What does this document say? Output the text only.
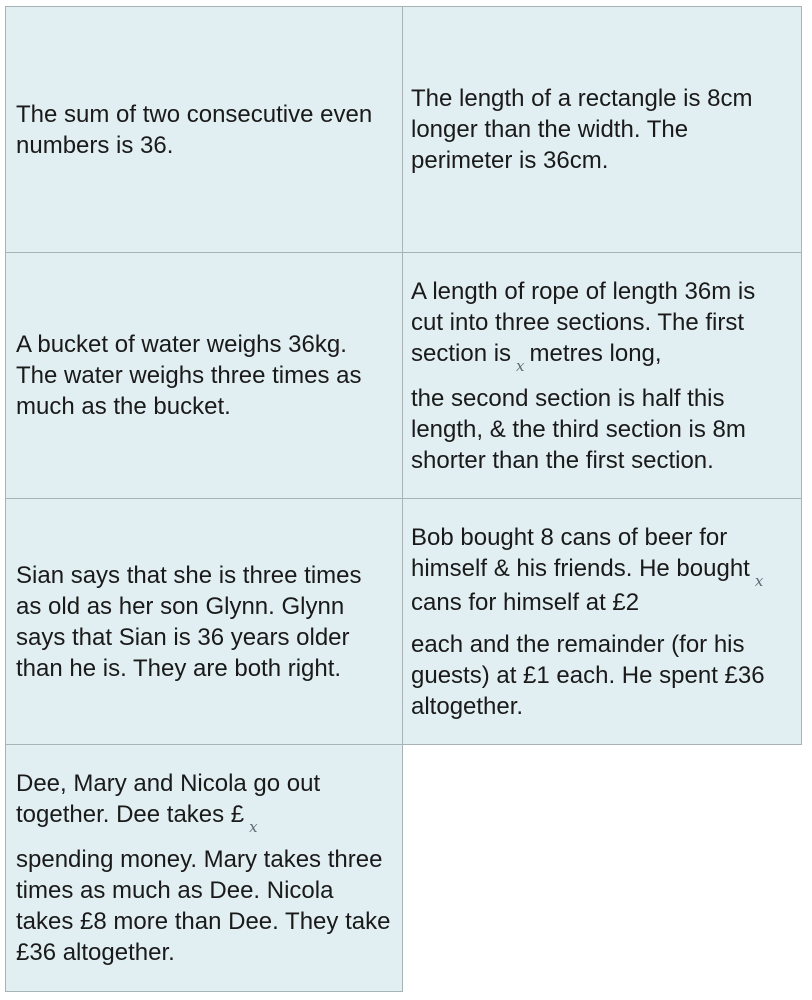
The sum of two consecutive even numbers is 36.

The length of a rectangle is 8cm longer than the width. The perimeter is 36cm.

A bucket of water weighs 36kg. The water weighs three times as much as the bucket.

A length of rope of length 36m is cut into three sections. The first section is x metres long,
the second section is half this length, & the third section is 8m shorter than the first section.

Sian says that she is three times as old as her son Glynn. Glynn says that Sian is 36 years older than he is. They are both right.

Bob bought 8 cans of beer for himself & his friends. He bought xcans for himself at £2
each and the remainder (for his guests) at £1 each. He spent £36 altogether.

Dee, Mary and Nicola go out together. Dee takes £ x
spending money. Mary takes three times as much as Dee. Nicola takes £8 more than Dee. They take £36 altogether.
